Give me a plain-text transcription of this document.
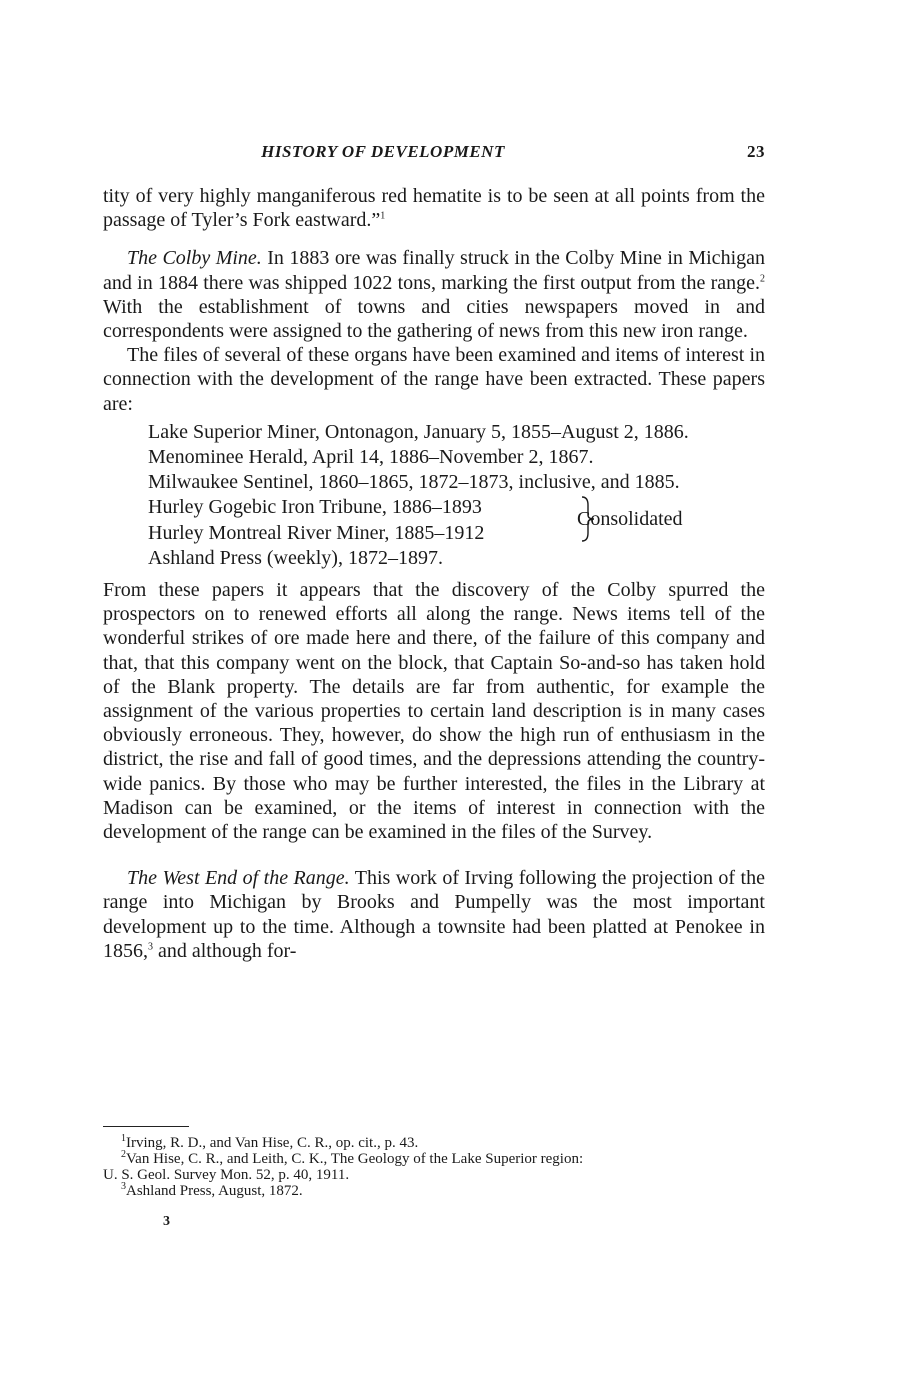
HISTORY OF DEVELOPMENT	23

tity of very highly manganiferous red hematite is to be seen at all points from the passage of Tyler’s Fork eastward.”$^1$

The Colby Mine. In 1883 ore was finally struck in the Colby Mine in Michigan and in 1884 there was shipped 1022 tons, marking the first output from the range.$^2$ With the establishment of towns and cities newspapers moved in and correspondents were assigned to the gathering of news from this new iron range.

The files of several of these organs have been examined and items of interest in connection with the development of the range have been extracted. These papers are:

Lake Superior Miner, Ontonagon, January 5, 1855–August 2, 1886.
Menominee Herald, April 14, 1886–November 2, 1867.
Milwaukee Sentinel, 1860–1865, 1872–1873, inclusive, and 1885.
Hurley Gogebic Iron Tribune, 1886–1893
Consolidated
Hurley Montreal River Miner, 1885–1912
Ashland Press (weekly), 1872–1897.

From these papers it appears that the discovery of the Colby spurred the prospectors on to renewed efforts all along the range. News items tell of the wonderful strikes of ore made here and there, of the failure of this company and that, that this company went on the block, that Captain So-and-so has taken hold of the Blank property. The details are far from authentic, for example the assignment of the various properties to certain land description is in many cases obviously erroneous. They, however, do show the high run of enthusiasm in the district, the rise and fall of good times, and the depressions attending the country-wide panics. By those who may be further interested, the files in the Library at Madison can be examined, or the items of interest in connection with the development of the range can be examined in the files of the Survey.

The West End of the Range. This work of Irving following the projection of the range into Michigan by Brooks and Pumpelly was the most important development up to the time. Although a townsite had been platted at Penokee in 1856,$^3$ and although for-

$^1$Irving, R. D., and Van Hise, C. R., op. cit., p. 43.

$^2$Van Hise, C. R., and Leith, C. K., The Geology of the Lake Superior region:

U. S. Geol. Survey Mon. 52, p. 40, 1911.

$^3$Ashland Press, August, 1872.

3
